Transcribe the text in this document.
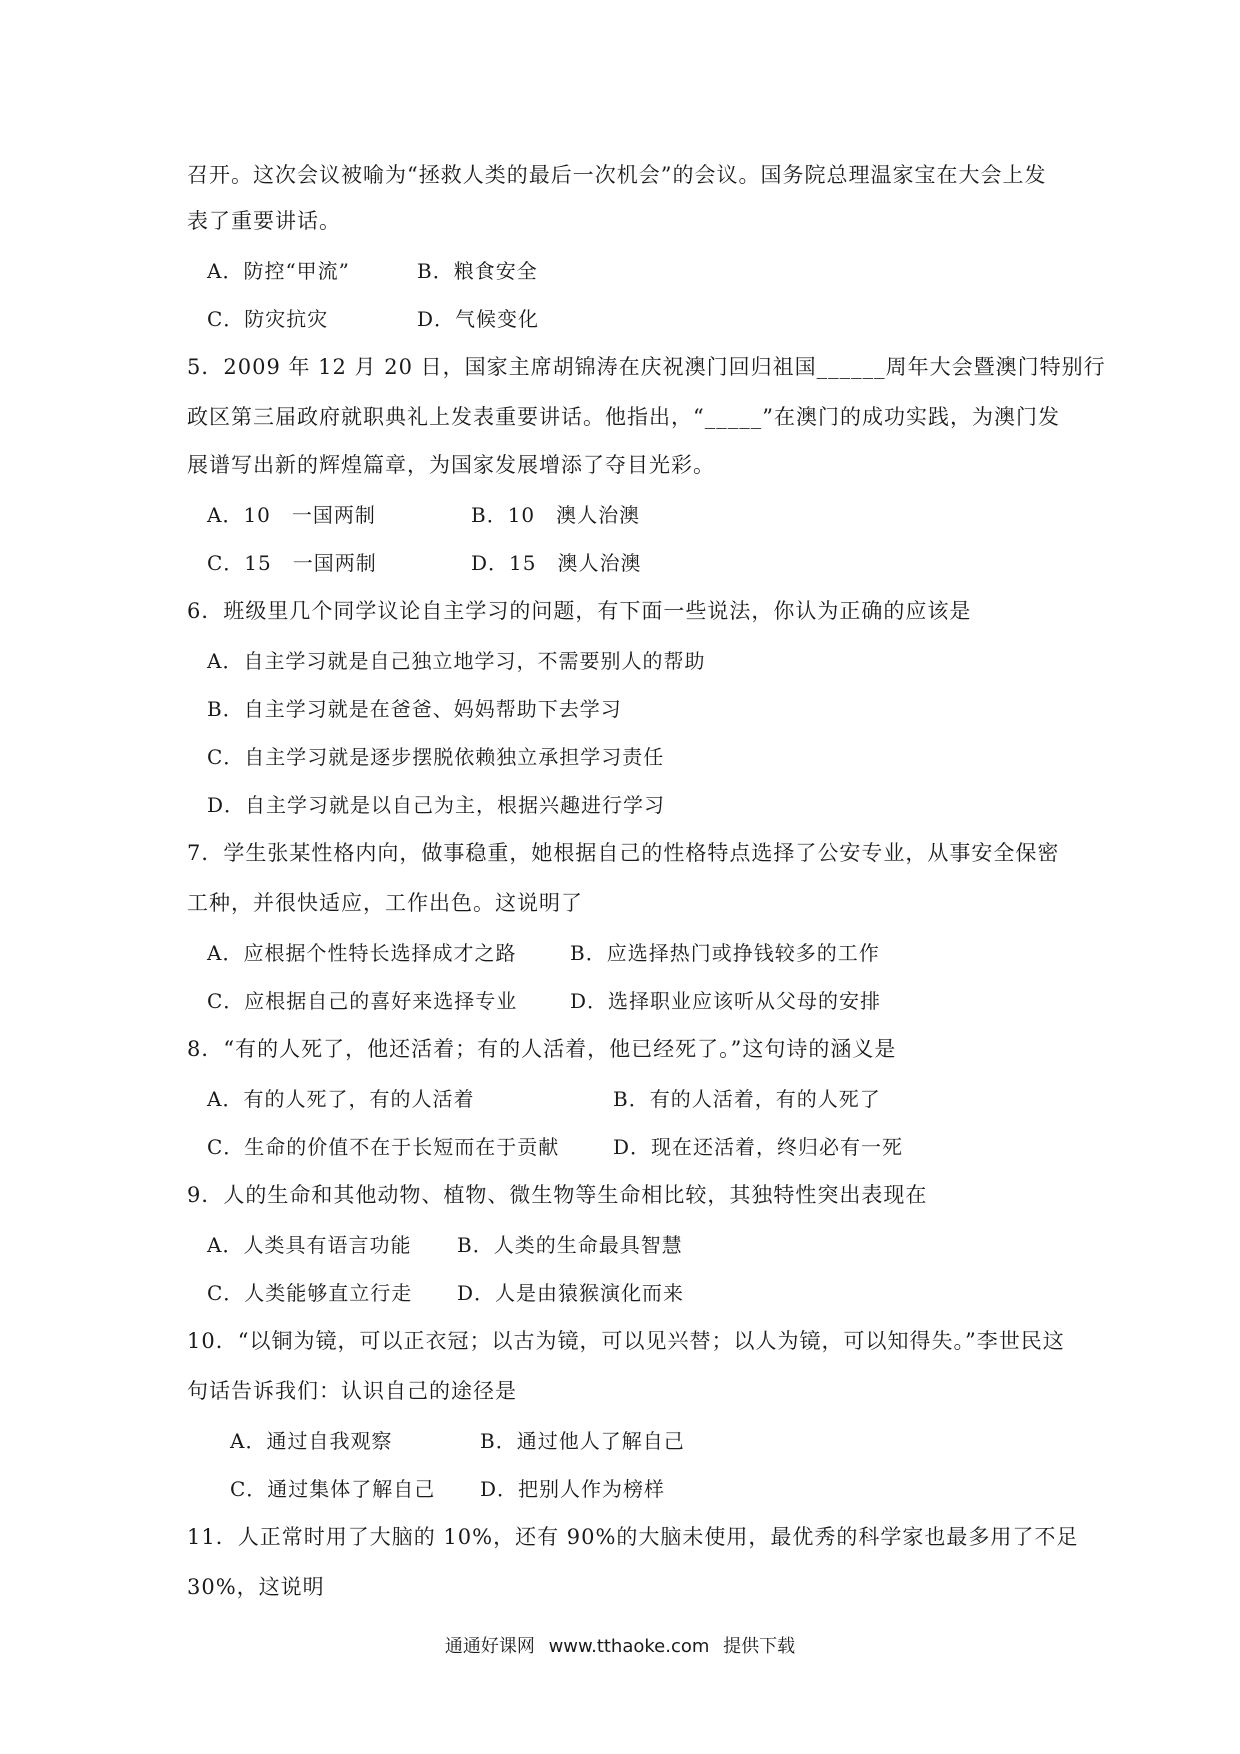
召开。这次会议被喻为“拯救人类的最后一次机会”的会议。国务院总理温家宝在大会上发
表了重要讲话。
A．防控“甲流”	B．粮食安全
C．防灾抗灾	D．气候变化
5．2009 年 12 月 20 日，国家主席胡锦涛在庆祝澳门回归祖国______周年大会暨澳门特别行
政区第三届政府就职典礼上发表重要讲话。他指出，“_____”在澳门的成功实践，为澳门发
展谱写出新的辉煌篇章，为国家发展增添了夺目光彩。
A．10　一国两制	B．10　澳人治澳
C．15　一国两制	D．15　澳人治澳
6．班级里几个同学议论自主学习的问题，有下面一些说法，你认为正确的应该是
A．自主学习就是自己独立地学习，不需要别人的帮助
B．自主学习就是在爸爸、妈妈帮助下去学习
C．自主学习就是逐步摆脱依赖独立承担学习责任
D．自主学习就是以自己为主，根据兴趣进行学习
7．学生张某性格内向，做事稳重，她根据自己的性格特点选择了公安专业，从事安全保密
工种，并很快适应，工作出色。这说明了
A．应根据个性特长选择成才之路	B．应选择热门或挣钱较多的工作
C．应根据自己的喜好来选择专业	D．选择职业应该听从父母的安排
8．“有的人死了，他还活着；有的人活着，他已经死了。”这句诗的涵义是
A．有的人死了，有的人活着	B．有的人活着，有的人死了
C．生命的价值不在于长短而在于贡献	D．现在还活着，终归必有一死
9．人的生命和其他动物、植物、微生物等生命相比较，其独特性突出表现在
A．人类具有语言功能 B．人类的生命最具智慧
C．人类能够直立行走 D．人是由猿猴演化而来
10．“以铜为镜，可以正衣冠；以古为镜，可以见兴替；以人为镜，可以知得失。”李世民这
句话告诉我们：认识自己的途径是
A．通过自我观察	B．通过他人了解自己
C．通过集体了解自己 D．把别人作为榜样
11．人正常时用了大脑的 10%，还有 90%的大脑未使用，最优秀的科学家也最多用了不足
30%，这说明
通通好课网 www.tthaoke.com 提供下载
